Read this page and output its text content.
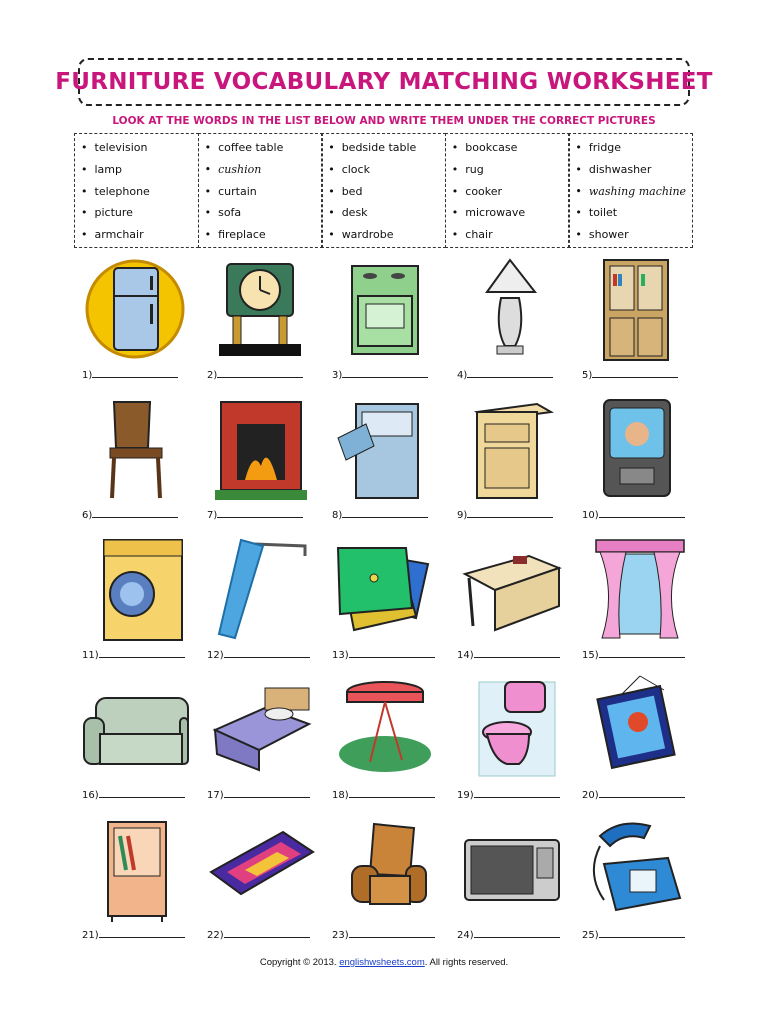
FURNITURE VOCABULARY MATCHING WORKSHEET
LOOK AT THE WORDS IN THE LIST BELOW AND WRITE THEM UNDER THE CORRECT PICTURES
• television
• lamp
• telephone
• picture
• armchair
• coffee table
• cushion
• curtain
• sofa
• fireplace
• bedside table
• clock
• bed
• desk
• wardrobe
• bookcase
• rug
• cooker
• microwave
• chair
• fridge
• dishwasher
• washing machine
• toilet
• shower
1)	2)	3)	4)	5)
6)	7)	8)	9)	10)
11)	12)	13)	14)	15)
16)	17)	18)	19)	20)
21)	22)	23)	24)	25)
Copyright © 2013. englishwsheets.com. All rights reserved.
